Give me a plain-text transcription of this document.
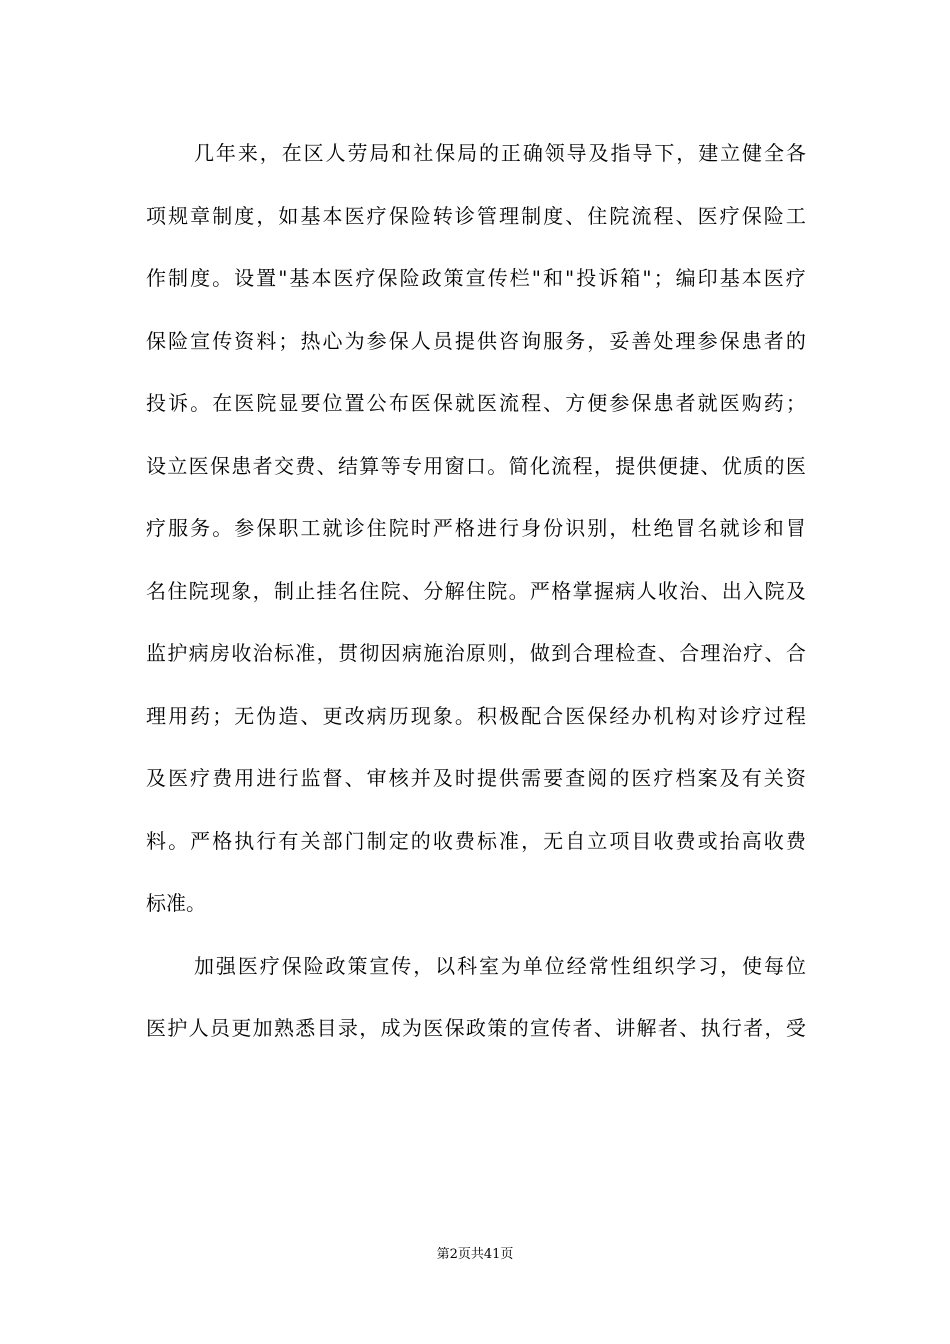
几 年 来 ， 在 区 人 劳 局 和 社 保 局 的 正 确 领 导 及 指 导 下 ， 建 立 健 全 各
项 规 章 制 度 ， 如 基 本 医 疗 保 险 转 诊 管 理 制 度 、 住 院 流 程 、 医 疗 保 险 工
作 制 度 。 设 置 " 基 本 医 疗 保 险 政 策 宣 传 栏 " 和 " 投 诉 箱 " ； 编 印 基 本 医 疗
保 险 宣 传 资 料 ； 热 心 为 参 保 人 员 提 供 咨 询 服 务 ， 妥 善 处 理 参 保 患 者 的
投 诉 。 在 医 院 显 要 位 置 公 布 医 保 就 医 流 程 、 方 便 参 保 患 者 就 医 购 药 ；
设 立 医 保 患 者 交 费 、 结 算 等 专 用 窗 口 。 简 化 流 程 ， 提 供 便 捷 、 优 质 的 医
疗 服 务 。 参 保 职 工 就 诊 住 院 时 严 格 进 行 身 份 识 别 ， 杜 绝 冒 名 就 诊 和 冒
名 住 院 现 象 ， 制 止 挂 名 住 院 、 分 解 住 院 。 严 格 掌 握 病 人 收 治 、 出 入 院 及
监 护 病 房 收 治 标 准 ， 贯 彻 因 病 施 治 原 则 ， 做 到 合 理 检 查 、 合 理 治 疗 、 合
理 用 药 ； 无 伪 造 、 更 改 病 历 现 象 。 积 极 配 合 医 保 经 办 机 构 对 诊 疗 过 程
及 医 疗 费 用 进 行 监 督 、 审 核 并 及 时 提 供 需 要 查 阅 的 医 疗 档 案 及 有 关 资
料 。 严 格 执 行 有 关 部 门 制 定 的 收 费 标 准 ， 无 自 立 项 目 收 费 或 抬 高 收 费
标准。
加 强 医 疗 保 险 政 策 宣 传 ， 以 科 室 为 单 位 经 常 性 组 织 学 习 ， 使 每 位
医 护 人 员 更 加 熟 悉 目 录 ， 成 为 医 保 政 策 的 宣 传 者 、 讲 解 者 、 执 行 者 ， 受
第2页共41页
